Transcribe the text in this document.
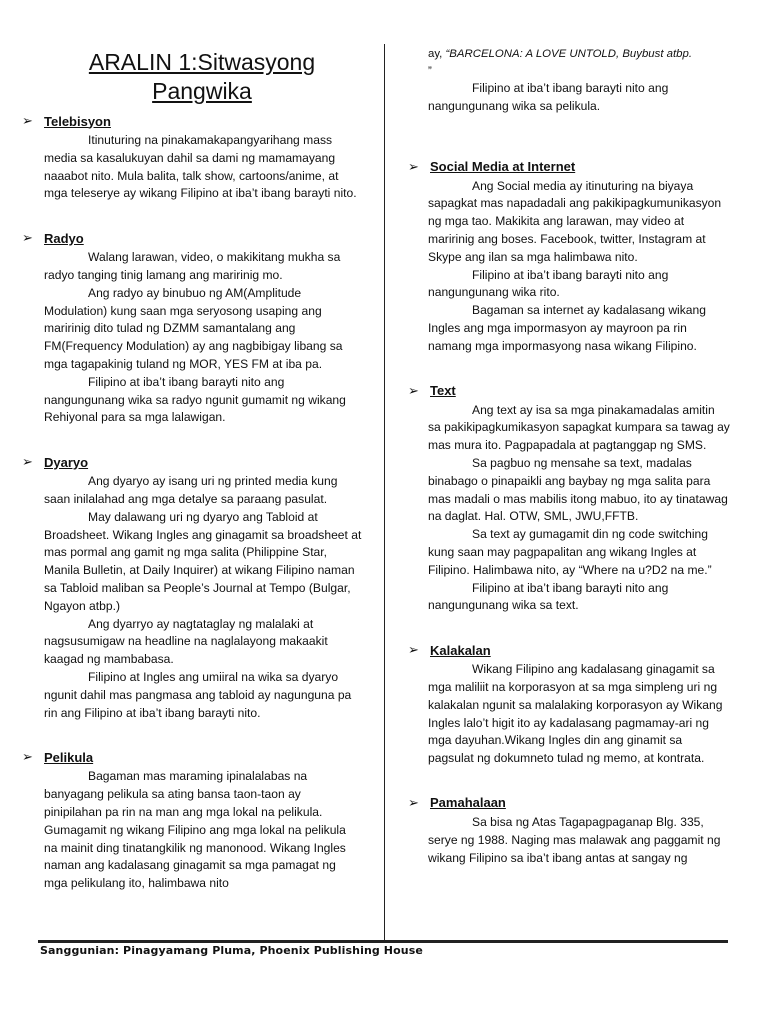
ARALIN 1:Sitwasyong Pangwika
➢ Telebisyon

Itinuturing na pinakamakapangyarihang mass media sa kasalukuyan dahil sa dami ng mamamayang naaabot nito. Mula balita, talk show, cartoons/anime, at mga teleserye ay wikang Filipino at iba’t ibang barayti nito.

➢ Radyo

Walang larawan, video, o makikitang mukha sa radyo tanging tinig lamang ang maririnig mo.

Ang radyo ay binubuo ng AM(Amplitude Modulation) kung saan mga seryosong usaping ang maririnig dito tulad ng DZMM samantalang ang FM(Frequency Modulation) ay ang nagbibigay libang sa mga tagapakinig tuland ng MOR, YES FM at iba pa.

Filipino at iba’t ibang barayti nito ang nangungunang wika sa radyo ngunit gumamit ng wikang Rehiyonal para sa mga lalawigan.

➢ Dyaryo

Ang dyaryo ay isang uri ng printed media kung saan inilalahad ang mga detalye sa paraang pasulat.

May dalawang uri ng dyaryo ang Tabloid at Broadsheet. Wikang Ingles ang ginagamit sa broadsheet at mas pormal ang gamit ng mga salita (Philippine Star, Manila Bulletin, at Daily Inquirer) at wikang Filipino naman sa Tabloid maliban sa People’s Journal at Tempo (Bulgar, Ngayon atbp.)

Ang dyarryo ay nagtataglay ng malalaki at nagsusumigaw na headline na naglalayong makaakit kaagad ng mambabasa.

Filipino at Ingles ang umiiral na wika sa dyaryo ngunit dahil mas pangmasa ang tabloid ay nagunguna pa rin ang Filipino at iba’t ibang barayti nito.

➢ Pelikula

Bagaman mas maraming ipinalalabas na banyagang pelikula sa ating bansa taon-taon ay pinipilahan pa rin na man ang mga lokal na pelikula. Gumagamit ng wikang Filipino ang mga lokal na pelikula na mainit ding tinatangkilik ng manonood. Wikang Ingles naman ang kadalasang ginagamit sa mga pamagat ng mga pelikulang ito, halimbawa nito

ay, “BARCELONA: A LOVE UNTOLD, Buybust atbp.
”

Filipino at iba’t ibang barayti nito ang nangungunang wika sa pelikula.

➢ Social Media at Internet

Ang Social media ay itinuturing na biyaya sapagkat mas napadadali ang pakikipagkumunikasyon ng mga tao. Makikita ang larawan, may video at maririnig ang boses. Facebook, twitter, Instagram at Skype ang ilan sa mga halimbawa nito.

Filipino at iba’t ibang barayti nito ang nangungunang wika rito.

Bagaman sa internet ay kadalasang wikang Ingles ang mga impormasyon ay mayroon pa rin namang mga impormasyong nasa wikang Filipino.

➢ Text

Ang text ay isa sa mga pinakamadalas amitin sa pakikipagkumikasyon sapagkat kumpara sa tawag ay mas mura ito. Pagpapadala at pagtanggap ng SMS.

Sa pagbuo ng mensahe sa text, madalas binabago o pinapaikli ang baybay ng mga salita para mas madali o mas mabilis itong mabuo, ito ay tinatawag na daglat. Hal. OTW, SML, JWU,FFTB.

Sa text ay gumagamit din ng code switching kung saan may pagpapalitan ang wikang Ingles at Filipino. Halimbawa nito, ay “Where na u?D2 na me.”

Filipino at iba’t ibang barayti nito ang nangungunang wika sa text.

➢ Kalakalan

Wikang Filipino ang kadalasang ginagamit sa mga maliliit na korporasyon at sa mga simpleng uri ng kalakalan ngunit sa malalaking korporasyon ay Wikang Ingles lalo’t higit ito ay kadalasang pagmamay-ari ng mga dayuhan.Wikang Ingles din ang ginamit sa pagsulat ng dokumneto tulad ng memo, at kontrata.

➢ Pamahalaan

Sa bisa ng Atas Tagapagpaganap Blg. 335, serye ng 1988. Naging mas malawak ang paggamit ng wikang Filipino sa iba’t ibang antas at sangay ng

Sanggunian: Pinagyamang Pluma, Phoenix Publishing House
